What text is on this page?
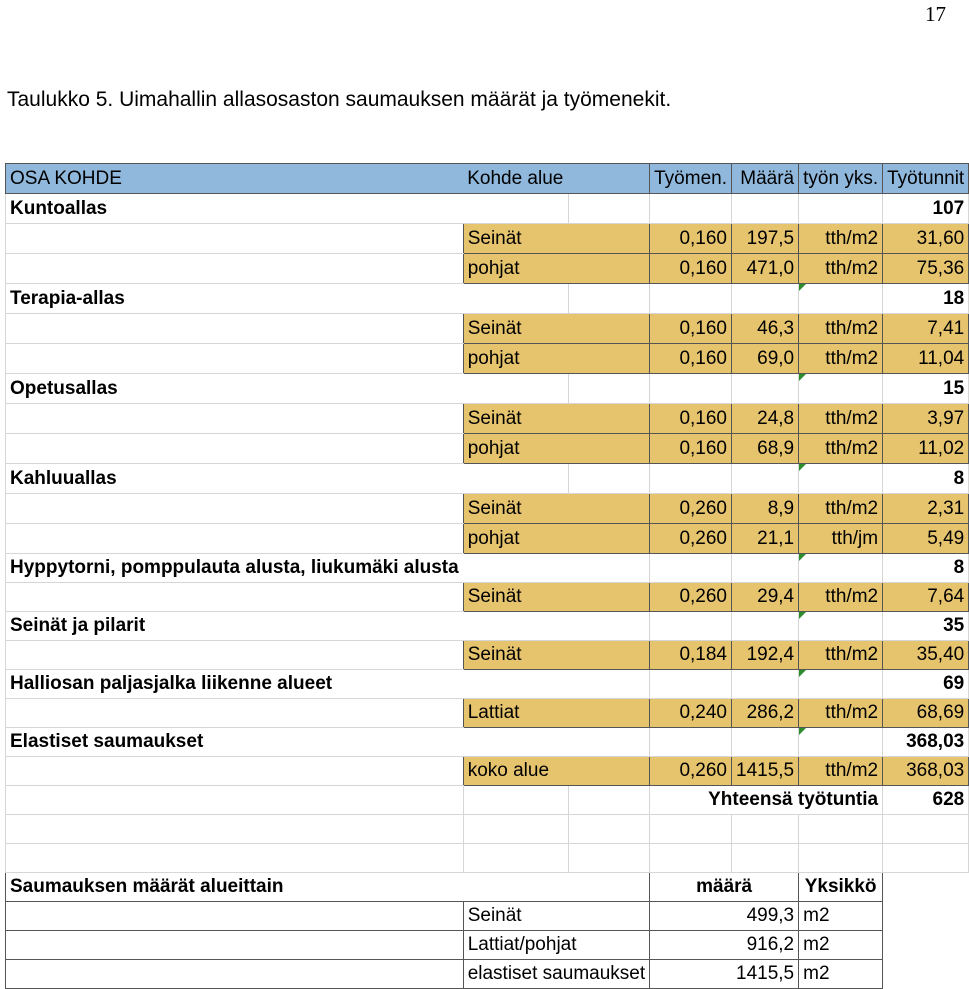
17
Taulukko 5. Uimahallin allasosaston saumauksen määrät ja työmenekit.
OSA KOHDE	Kohde alue		Työmen.	Määrä	työn yks.	Työtunnit
Kuntoallas						107
	Seinät		0,160	197,5	tth/m2	31,60
	pohjat		0,160	471,0	tth/m2	75,36
Terapia-allas						18
	Seinät		0,160	46,3	tth/m2	7,41
	pohjat		0,160	69,0	tth/m2	11,04
Opetusallas						15
	Seinät		0,160	24,8	tth/m2	3,97
	pohjat		0,160	68,9	tth/m2	11,02
Kahluuallas						8
	Seinät		0,260	8,9	tth/m2	2,31
	pohjat		0,260	21,1	tth/jm	5,49
Hyppytorni, pomppulauta alusta, liukumäki alusta						8
	Seinät		0,260	29,4	tth/m2	7,64
Seinät ja pilarit						35
	Seinät		0,184	192,4	tth/m2	35,40
Halliosan paljasjalka liikenne alueet						69
	Lattiat		0,240	286,2	tth/m2	68,69
Elastiset saumaukset						368,03
	koko alue		0,260	1415,5	tth/m2	368,03
			Yhteensä työtuntia			628

Saumauksen määrät alueittain			määrä		Yksikkö	
	Seinät		499,3		m2	
	Lattiat/pohjat		916,2		m2	
	elastiset saumaukset		1415,5		m2	
